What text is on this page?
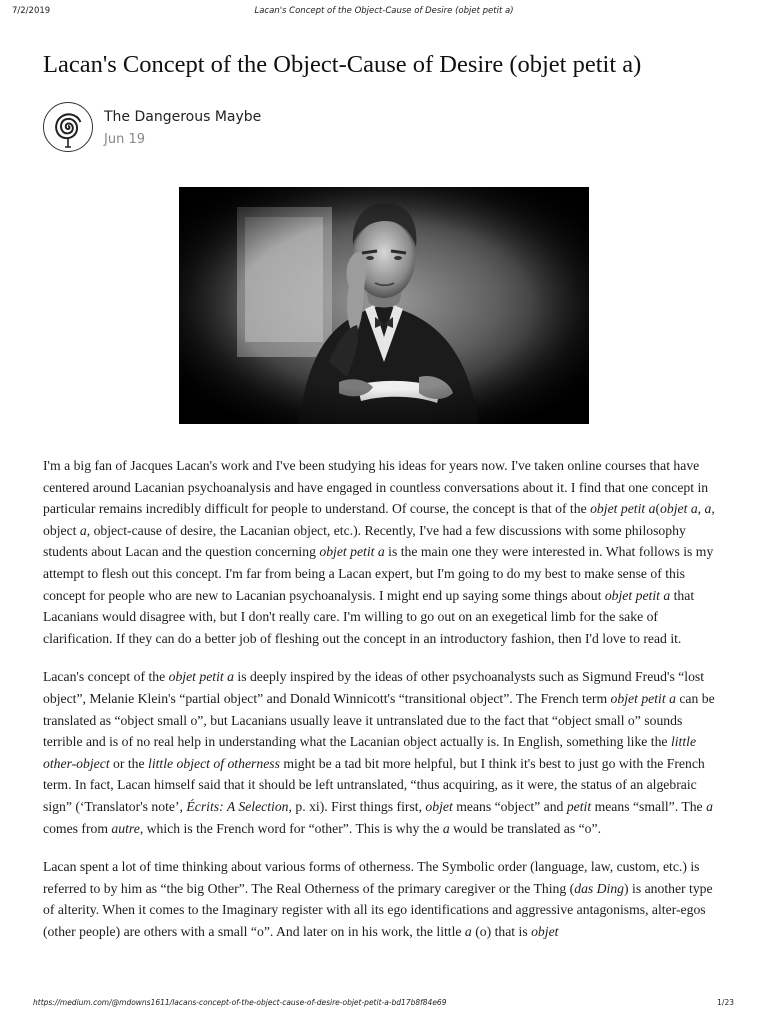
7/2/2019	Lacan's Concept of the Object-Cause of Desire (objet petit a)
Lacan's Concept of the Object-Cause of Desire (objet petit a)
The Dangerous Maybe
Jun 19

I'm a big fan of Jacques Lacan's work and I've been studying his ideas for years now. I've taken online courses that have centered around Lacanian psychoanalysis and have engaged in countless conversations about it. I find that one concept in particular remains incredibly difficult for people to understand. Of course, the concept is that of the objet petit a(objet a, a, object a, object-cause of desire, the Lacanian object, etc.). Recently, I've had a few discussions with some philosophy students about Lacan and the question concerning objet petit a is the main one they were interested in. What follows is my attempt to flesh out this concept. I'm far from being a Lacan expert, but I'm going to do my best to make sense of this concept for people who are new to Lacanian psychoanalysis. I might end up saying some things about objet petit a that Lacanians would disagree with, but I don't really care. I'm willing to go out on an exegetical limb for the sake of clarification. If they can do a better job of fleshing out the concept in an introductory fashion, then I'd love to read it.

Lacan's concept of the objet petit a is deeply inspired by the ideas of other psychoanalysts such as Sigmund Freud's “lost object”, Melanie Klein's “partial object” and Donald Winnicott's “transitional object”. The French term objet petit a can be translated as “object small o”, but Lacanians usually leave it untranslated due to the fact that “object small o” sounds terrible and is of no real help in understanding what the Lacanian object actually is. In English, something like the little other-object or the little object of otherness might be a tad bit more helpful, but I think it's best to just go with the French term. In fact, Lacan himself said that it should be left untranslated, “thus acquiring, as it were, the status of an algebraic sign” (‘Translator's note’, Écrits: A Selection, p. xi). First things first, objet means “object” and petit means “small”. The a comes from autre, which is the French word for “other”. This is why the a would be translated as “o”.

Lacan spent a lot of time thinking about various forms of otherness. The Symbolic order (language, law, custom, etc.) is referred to by him as “the big Other”. The Real Otherness of the primary caregiver or the Thing (das Ding) is another type of alterity. When it comes to the Imaginary register with all its ego identifications and aggressive antagonisms, alter-egos (other people) are others with a small “o”. And later on in his work, the little a (o) that is objet

https://medium.com/@mdowns1611/lacans-concept-of-the-object-cause-of-desire-objet-petit-a-bd17b8f84e69	1/23
